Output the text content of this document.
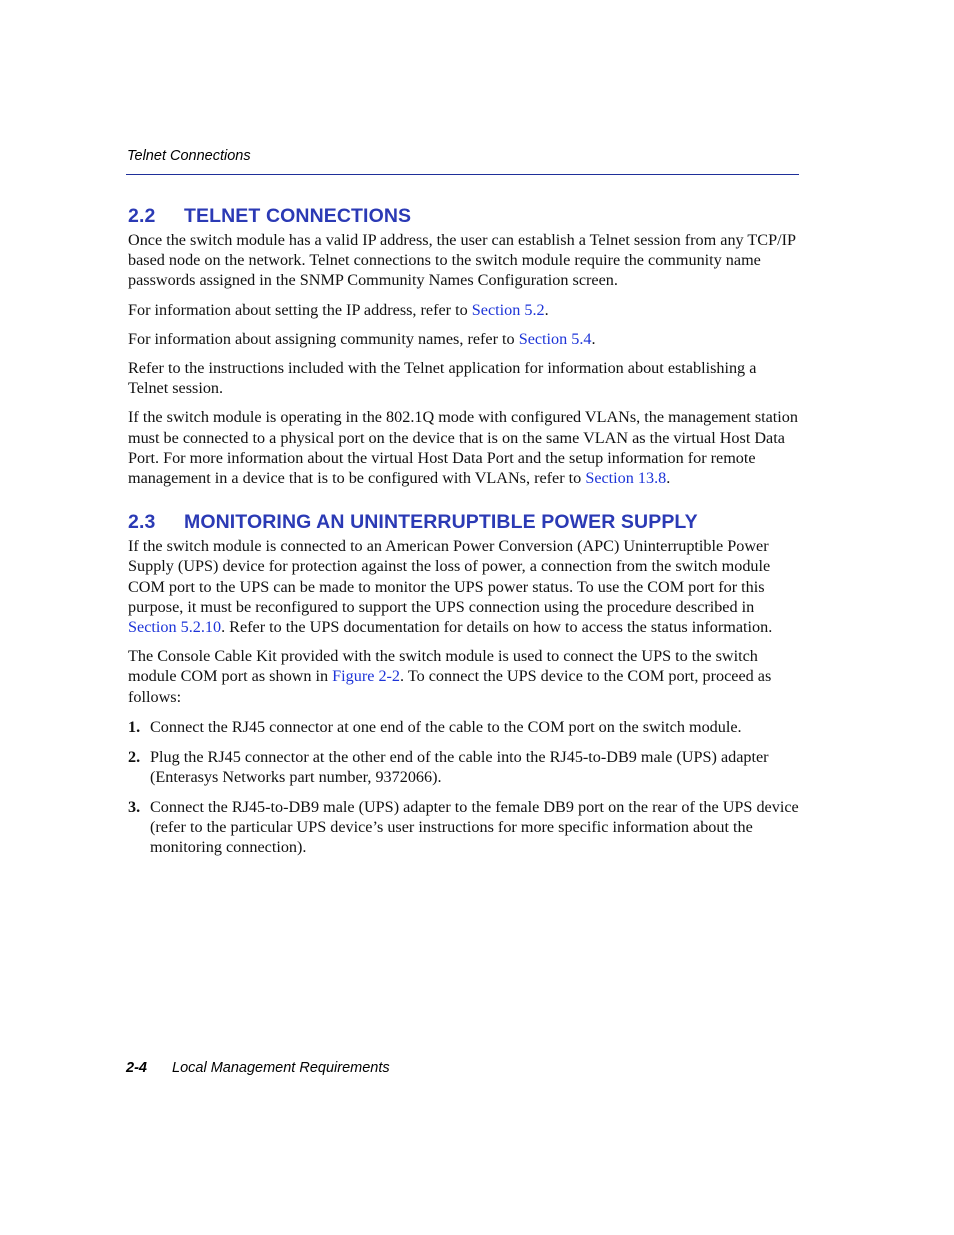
Telnet Connections
2.2 TELNET CONNECTIONS

Once the switch module has a valid IP address, the user can establish a Telnet session from any TCP/IP based node on the network. Telnet connections to the switch module require the community name passwords assigned in the SNMP Community Names Configuration screen.

For information about setting the IP address, refer to Section 5.2.

For information about assigning community names, refer to Section 5.4.

Refer to the instructions included with the Telnet application for information about establishing a Telnet session.

If the switch module is operating in the 802.1Q mode with configured VLANs, the management station must be connected to a physical port on the device that is on the same VLAN as the virtual Host Data Port. For more information about the virtual Host Data Port and the setup information for remote management in a device that is to be configured with VLANs, refer to Section 13.8.

2.3 MONITORING AN UNINTERRUPTIBLE POWER SUPPLY

If the switch module is connected to an American Power Conversion (APC) Uninterruptible Power Supply (UPS) device for protection against the loss of power, a connection from the switch module COM port to the UPS can be made to monitor the UPS power status. To use the COM port for this purpose, it must be reconfigured to support the UPS connection using the procedure described in Section 5.2.10. Refer to the UPS documentation for details on how to access the status information.

The Console Cable Kit provided with the switch module is used to connect the UPS to the switch module COM port as shown in Figure 2-2. To connect the UPS device to the COM port, proceed as follows:

1. Connect the RJ45 connector at one end of the cable to the COM port on the switch module.
2. Plug the RJ45 connector at the other end of the cable into the RJ45-to-DB9 male (UPS) adapter (Enterasys Networks part number, 9372066).
3. Connect the RJ45-to-DB9 male (UPS) adapter to the female DB9 port on the rear of the UPS device (refer to the particular UPS device’s user instructions for more specific information about the monitoring connection).
2-4 Local Management Requirements
